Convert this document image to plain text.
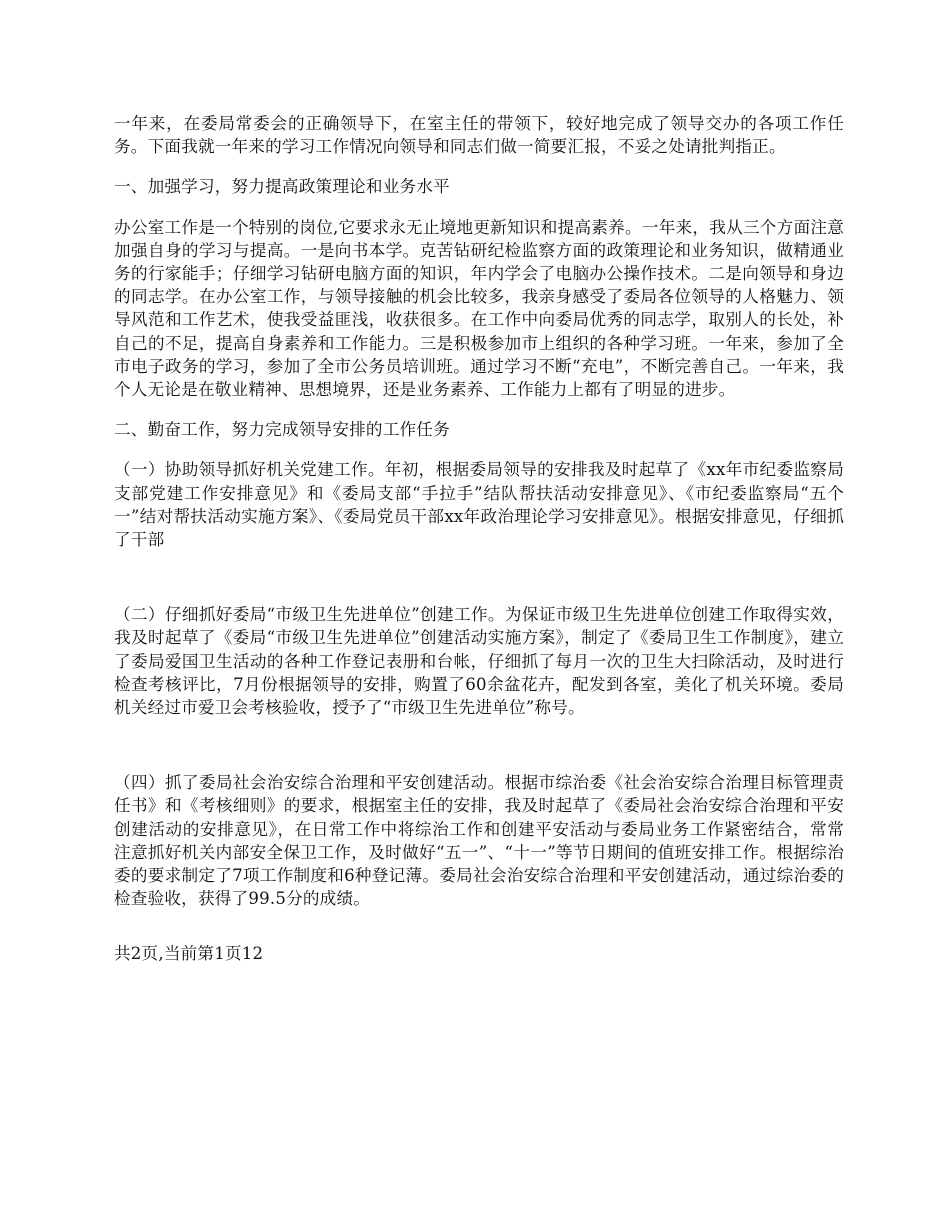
一年来，在委局常委会的正确领导下，在室主任的带领下，较好地完成了领导交办的各项工作任务。下面我就一年来的学习工作情况向领导和同志们做一简要汇报，不妥之处请批判指正。

一、加强学习，努力提高政策理论和业务水平

办公室工作是一个特别的岗位,它要求永无止境地更新知识和提高素养。一年来，我从三个方面注意加强自身的学习与提高。一是向书本学。克苦钻研纪检监察方面的政策理论和业务知识，做精通业务的行家能手；仔细学习钻研电脑方面的知识，年内学会了电脑办公操作技术。二是向领导和身边的同志学。在办公室工作，与领导接触的机会比较多，我亲身感受了委局各位领导的人格魅力、领导风范和工作艺术，使我受益匪浅，收获很多。在工作中向委局优秀的同志学，取别人的长处，补自己的不足，提高自身素养和工作能力。三是积极参加市上组织的各种学习班。一年来，参加了全市电子政务的学习，参加了全市公务员培训班。通过学习不断“充电”，不断完善自己。一年来，我个人无论是在敬业精神、思想境界，还是业务素养、工作能力上都有了明显的进步。

二、勤奋工作，努力完成领导安排的工作任务

（一）协助领导抓好机关党建工作。年初，根据委局领导的安排我及时起草了《xx年市纪委监察局支部党建工作安排意见》和《委局支部“手拉手”结队帮扶活动安排意见》、《市纪委监察局“五个一”结对帮扶活动实施方案》、《委局党员干部xx年政治理论学习安排意见》。根据安排意见，仔细抓了干部

（二）仔细抓好委局“市级卫生先进单位”创建工作。为保证市级卫生先进单位创建工作取得实效，我及时起草了《委局“市级卫生先进单位”创建活动实施方案》，制定了《委局卫生工作制度》，建立了委局爱国卫生活动的各种工作登记表册和台帐，仔细抓了每月一次的卫生大扫除活动，及时进行检查考核评比，7月份根据领导的安排，购置了60余盆花卉，配发到各室，美化了机关环境。委局机关经过市爱卫会考核验收，授予了“市级卫生先进单位”称号。

（四）抓了委局社会治安综合治理和平安创建活动。根据市综治委《社会治安综合治理目标管理责任书》和《考核细则》的要求，根据室主任的安排，我及时起草了《委局社会治安综合治理和平安创建活动的安排意见》，在日常工作中将综治工作和创建平安活动与委局业务工作紧密结合，常常注意抓好机关内部安全保卫工作，及时做好“五一”、“十一”等节日期间的值班安排工作。根据综治委的要求制定了7项工作制度和6种登记薄。委局社会治安综合治理和平安创建活动，通过综治委的检查验收，获得了99.5分的成绩。

共2页,当前第1页12
